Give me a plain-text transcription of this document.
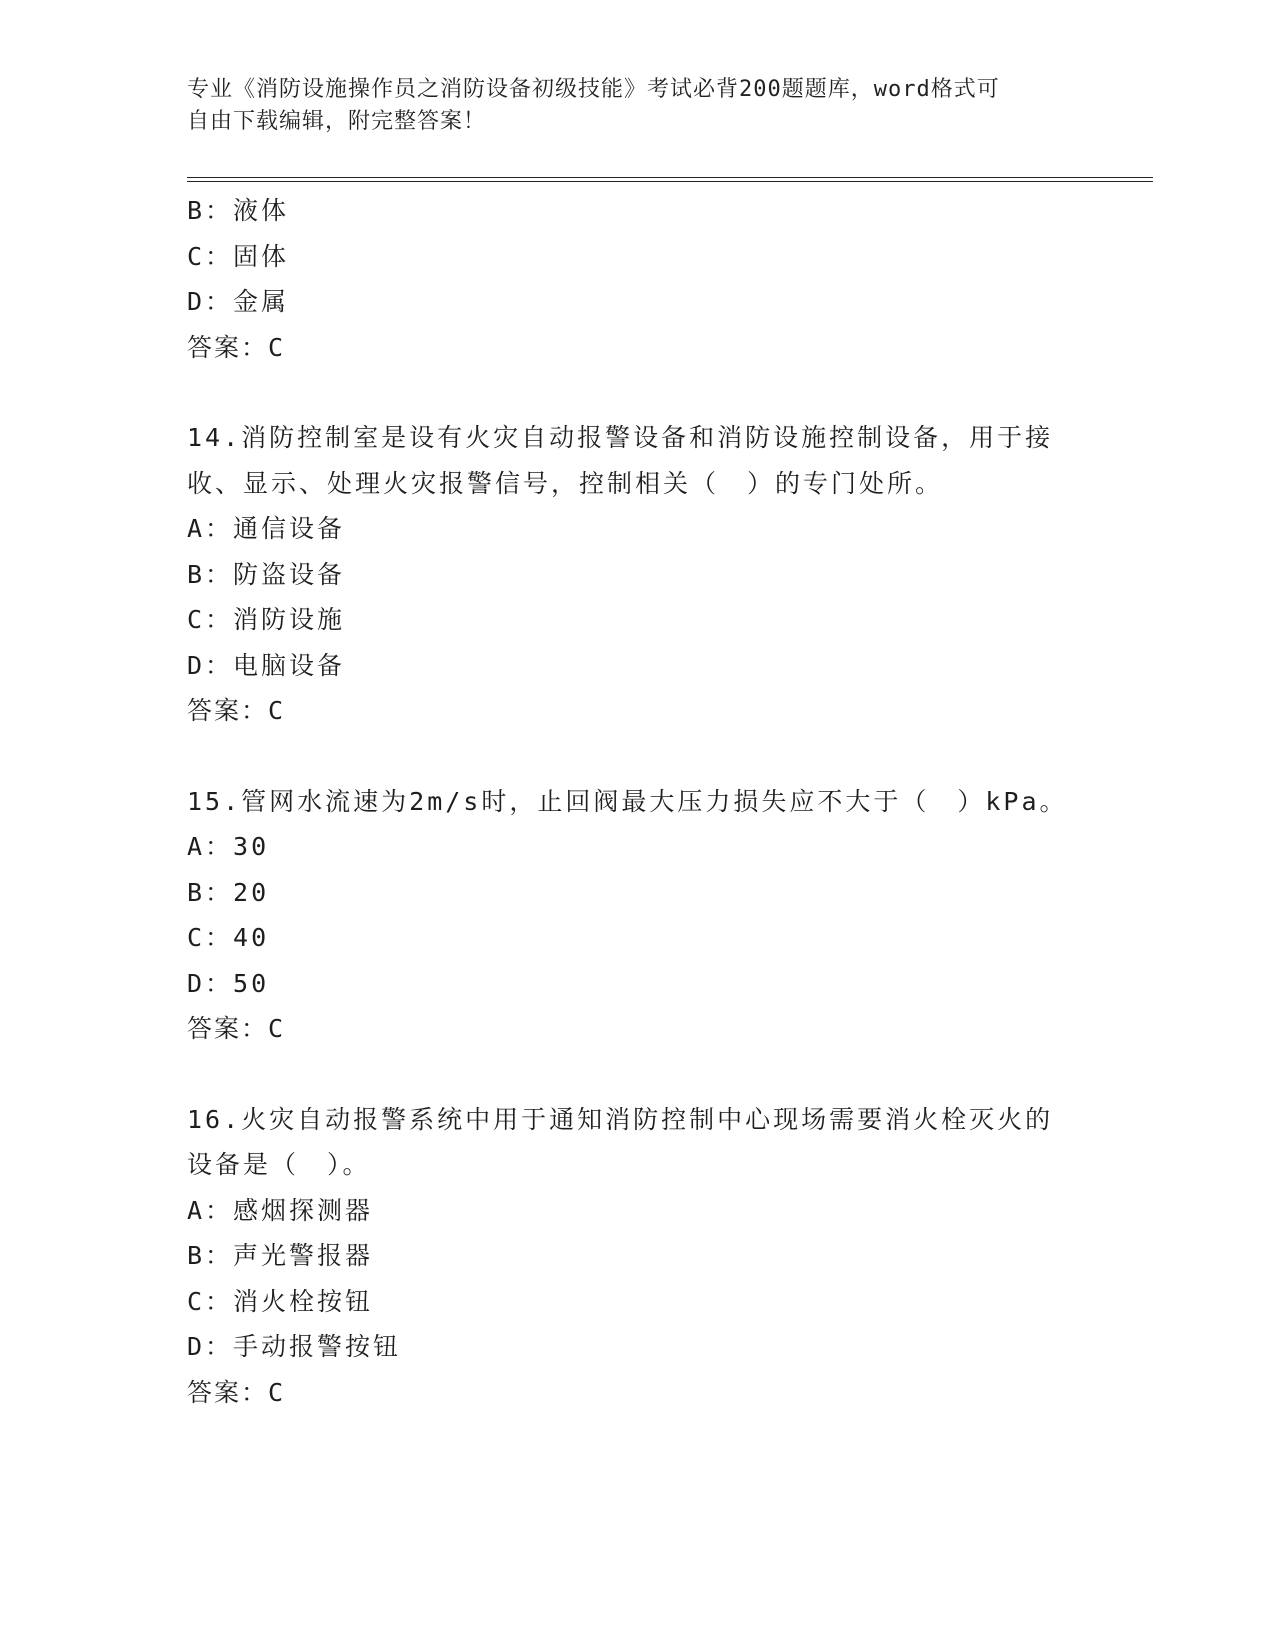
专业《消防设施操作员之消防设备初级技能》考试必背200题题库，word格式可
自由下载编辑，附完整答案！
B：液体
C：固体
D：金属
答案：C
14.消防控制室是设有火灾自动报警设备和消防设施控制设备，用于接
收、显示、处理火灾报警信号，控制相关（　）的专门处所。
A：通信设备
B：防盗设备
C：消防设施
D：电脑设备
答案：C
15.管网水流速为2m/s时，止回阀最大压力损失应不大于（　）kPa。
A：30
B：20
C：40
D：50
答案：C
16.火灾自动报警系统中用于通知消防控制中心现场需要消火栓灭火的
设备是（　）。
A：感烟探测器
B：声光警报器
C：消火栓按钮
D：手动报警按钮
答案：C
